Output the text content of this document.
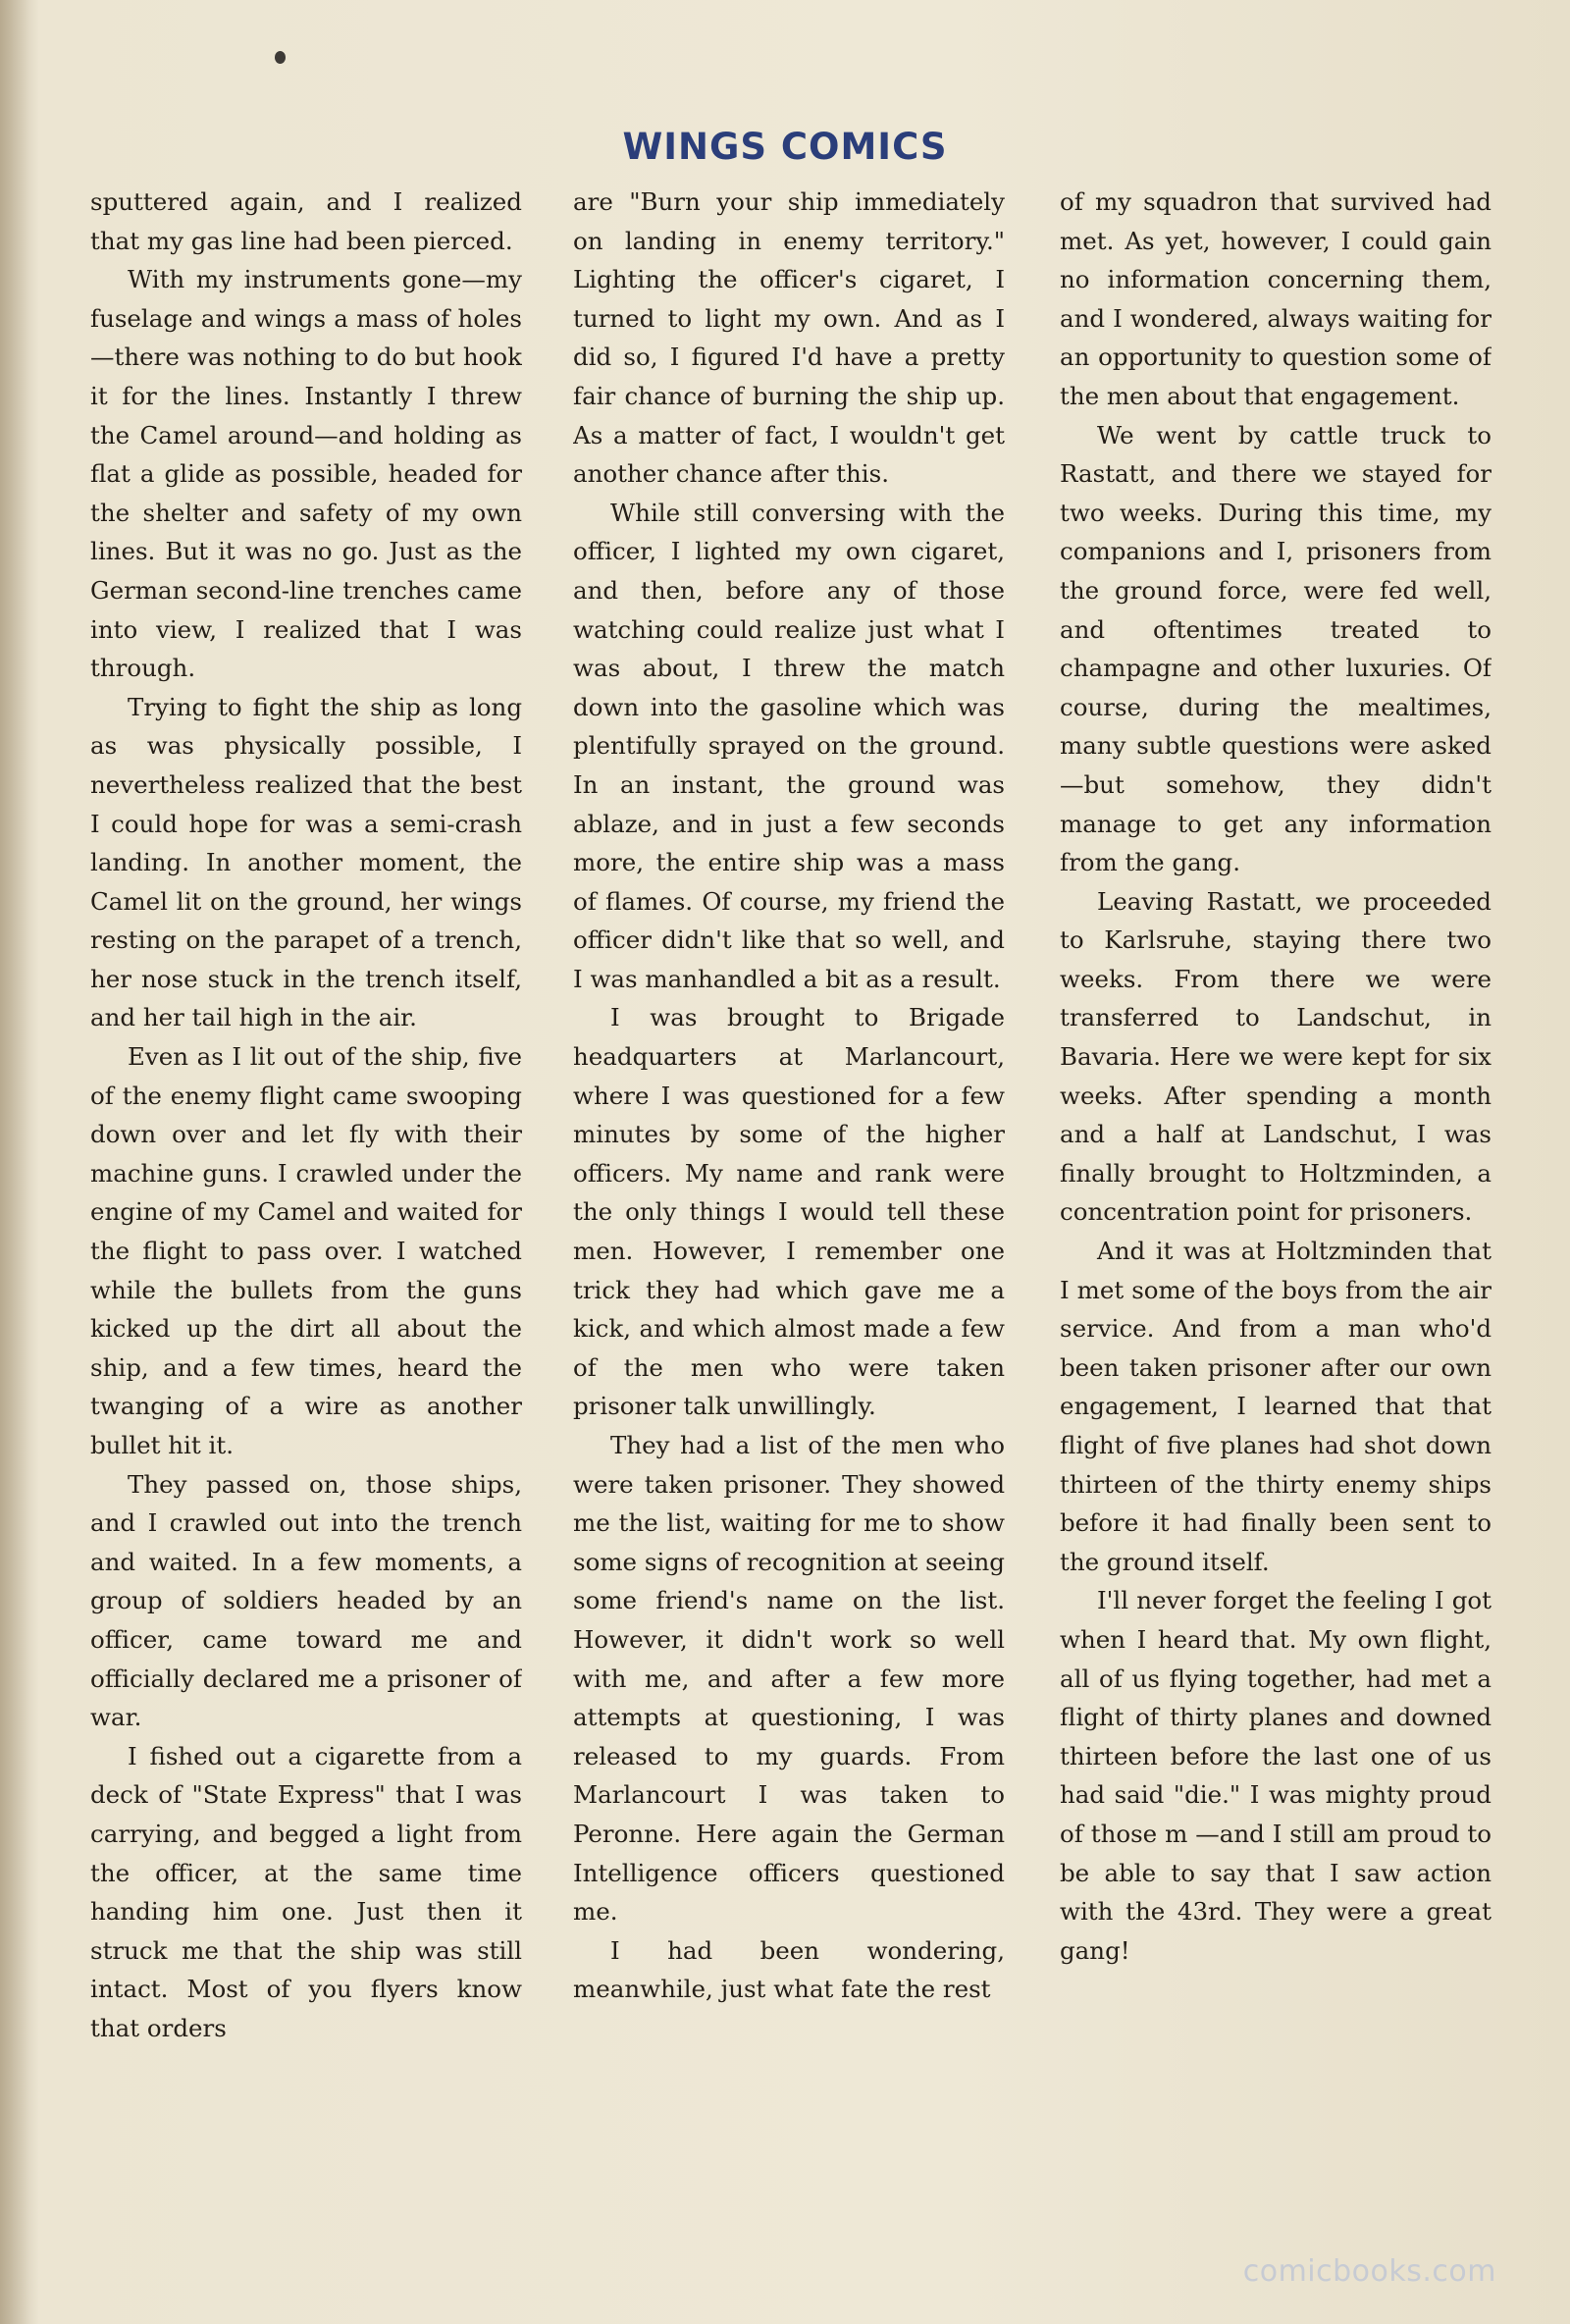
WINGS COMICS

sputtered again, and I realized that my gas line had been pierced.

With my instruments gone—my fuselage and wings a mass of holes—there was nothing to do but hook it for the lines. Instantly I threw the Camel around—and holding as flat a glide as possible, headed for the shelter and safety of my own lines. But it was no go. Just as the German second-line trenches came into view, I realized that I was through.

Trying to fight the ship as long as was physically possible, I nevertheless realized that the best I could hope for was a semi-crash landing. In another moment, the Camel lit on the ground, her wings resting on the parapet of a trench, her nose stuck in the trench itself, and her tail high in the air.

Even as I lit out of the ship, five of the enemy flight came swooping down over and let fly with their machine guns. I crawled under the engine of my Camel and waited for the flight to pass over. I watched while the bullets from the guns kicked up the dirt all about the ship, and a few times, heard the twanging of a wire as another bullet hit it.

They passed on, those ships, and I crawled out into the trench and waited. In a few moments, a group of soldiers headed by an officer, came toward me and officially declared me a prisoner of war.

I fished out a cigarette from a deck of "State Express" that I was carrying, and begged a light from the officer, at the same time handing him one. Just then it struck me that the ship was still intact. Most of you flyers know that orders

are "Burn your ship immediately on landing in enemy territory." Lighting the officer's cigaret, I turned to light my own. And as I did so, I figured I'd have a pretty fair chance of burning the ship up. As a matter of fact, I wouldn't get another chance after this.

While still conversing with the officer, I lighted my own cigaret, and then, before any of those watching could realize just what I was about, I threw the match down into the gasoline which was plentifully sprayed on the ground. In an instant, the ground was ablaze, and in just a few seconds more, the entire ship was a mass of flames. Of course, my friend the officer didn't like that so well, and I was manhandled a bit as a result.

I was brought to Brigade headquarters at Marlancourt, where I was questioned for a few minutes by some of the higher officers. My name and rank were the only things I would tell these men. However, I remember one trick they had which gave me a kick, and which almost made a few of the men who were taken prisoner talk unwillingly.

They had a list of the men who were taken prisoner. They showed me the list, waiting for me to show some signs of recognition at seeing some friend's name on the list. However, it didn't work so well with me, and after a few more attempts at questioning, I was released to my guards. From Marlancourt I was taken to Peronne. Here again the German Intelligence officers questioned me.

I had been wondering, meanwhile, just what fate the rest

of my squadron that survived had met. As yet, however, I could gain no information concerning them, and I wondered, always waiting for an opportunity to question some of the men about that engagement.

We went by cattle truck to Rastatt, and there we stayed for two weeks. During this time, my companions and I, prisoners from the ground force, were fed well, and oftentimes treated to champagne and other luxuries. Of course, during the mealtimes, many subtle questions were asked—but somehow, they didn't manage to get any information from the gang.

Leaving Rastatt, we proceeded to Karlsruhe, staying there two weeks. From there we were transferred to Landschut, in Bavaria. Here we were kept for six weeks. After spending a month and a half at Landschut, I was finally brought to Holtzminden, a concentration point for prisoners.

And it was at Holtzminden that I met some of the boys from the air service. And from a man who'd been taken prisoner after our own engagement, I learned that that flight of five planes had shot down thirteen of the thirty enemy ships before it had finally been sent to the ground itself.

I'll never forget the feeling I got when I heard that. My own flight, all of us flying together, had met a flight of thirty planes and downed thirteen before the last one of us had said "die." I was mighty proud of those m —and I still am proud to be able to say that I saw action with the 43rd. They were a great gang!

comicbooks.com
